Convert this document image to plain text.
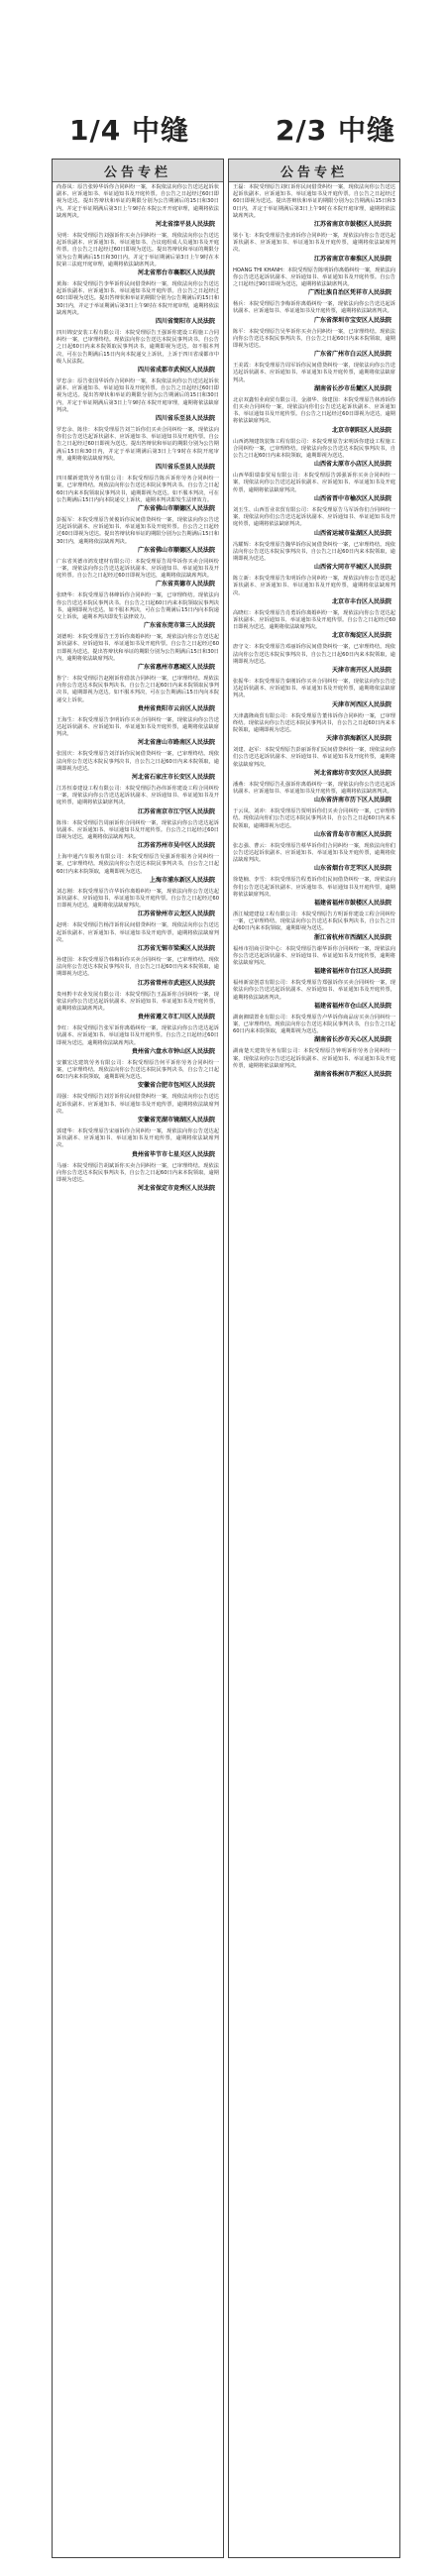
1/4 中缝	2/3 中缝
公告专栏
尚春凤：原告张婷华诉你合同纠纷一案，本院依法向你公告送达起诉状副本、应诉通知书、举证通知书及开庭传票。自公告之日起经过60日即视为送达。提出答辩状和举证的期限分别为公告期满后的15日和30日内。并定于举证期满后第3日上午9时在本院公开开庭审理，逾期将依法缺席判决。
河北省滦平县人民法院
吴明：本院受理原告刘强诉你买卖合同纠纷一案，现依法向你公告送达起诉状副本、应诉通知书、举证通知书、合议庭组成人员通知书及开庭传票。自公告之日起经过60日即视为送达。提出答辩状和举证的期限分别为公告期满后15日和30日内。并定于举证期满后第3日上午9时在本院第三法庭开庭审理，逾期将依法缺席判决。
河北省邢台市襄都区人民法院
黄海：本院受理原告李华诉你民间借贷纠纷一案，现依法向你公告送达起诉状副本、应诉通知书、举证通知书及开庭传票。自公告之日起经过60日即视为送达。提出答辩状和举证的期限分别为公告期满后的15日和30日内，并定于举证期满后第3日上午9时在本院开庭审理，逾期将依法缺席判决。
四川省简阳市人民法院
四川锦安安装工程有限公司：本院受理原告王强诉你建设工程施工合同纠纷一案，已审理终结。现依法向你公告送达本院民事判决书。自公告之日起60日内来本院领取民事判决书，逾期即视为送达。如不服本判决，可在公告期满后15日内向本院递交上诉状，上诉于四川省成都市中级人民法院。
四川省成都市武侯区人民法院
罗忠余：原告张国华诉你合同纠纷一案，本院依法向你公告送达起诉状副本、应诉通知书、举证通知书及开庭传票。自公告之日起经过60日即视为送达。提出答辩状和举证的期限分别为公告期满后的15日和30日内，并定于举证期满后第3日上午9时在本院开庭审理，逾期将依法缺席判决。
四川省乐至县人民法院
罗忠余、陈佳：本院受理原告刘兰诉你们买卖合同纠纷一案，现依法向你们公告送达起诉状副本、应诉通知书、举证通知书及开庭传票。自公告之日起经过60日即视为送达。提出答辩状和举证的期限分别为公告期满后15日和30日内，并定于举证期满后第3日上午9时在本院开庭审理，逾期将依法缺席判决。
四川省乐至县人民法院
四川耀新建筑劳务有限公司：本院受理原告陈兵诉你劳务合同纠纷一案，已审理终结。现依法向你公告送达本院民事判决书。自公告之日起60日内来本院领取民事判决书，逾期即视为送达。如不服本判决，可在公告期满后15日内向本院递交上诉状，逾期本判决即发生法律效力。
广东省佛山市顺德区人民法院
彭振军：本院受理原告黄俊诉你民间借贷纠纷一案，现依法向你公告送达起诉状副本、应诉通知书、举证通知书及开庭传票。自公告之日起经过60日即视为送达。提出答辩状和举证的期限分别为公告期满后15日和30日内，逾期将依法缺席判决。
广东省佛山市顺德区人民法院
广东省英德市鸿发建材有限公司：本院受理原告周华诉你买卖合同纠纷一案，现依法向你公告送达起诉状副本、应诉通知书、举证通知书及开庭传票。自公告之日起经过60日即视为送达，逾期将依法缺席判决。
广东省英德市人民法院
张晓华：本院受理原告林峰诉你合同纠纷一案，已审理终结。现依法向你公告送达本院民事判决书。自公告之日起60日内来本院领取民事判决书，逾期即视为送达。如不服本判决，可在公告期满后15日内向本院递交上诉状，逾期本判决即发生法律效力。
广东省东莞市第三人民法院
刘德明：本院受理原告王芳诉你离婚纠纷一案，现依法向你公告送达起诉状副本、应诉通知书、举证通知书及开庭传票。自公告之日起经过60日即视为送达。提出答辩状和举证的期限分别为公告期满后15日和30日内，逾期将依法缺席判决。
广东省惠州市惠城区人民法院
鲁宁：本院受理原告赵刚诉你借款合同纠纷一案，已审理终结。现依法向你公告送达本院民事判决书。自公告之日起60日内来本院领取民事判决书，逾期即视为送达。如不服本判决，可在公告期满后15日内向本院递交上诉状。
贵州省贵阳市云岩区人民法院
王海生：本院受理原告李明诉你买卖合同纠纷一案，现依法向你公告送达起诉状副本、应诉通知书、举证通知书及开庭传票，逾期将依法缺席判决。
河北省唐山市路南区人民法院
张国庆：本院受理原告刘洋诉你民间借贷纠纷一案，已审理终结。现依法向你公告送达本院民事判决书，自公告之日起60日内来本院领取，逾期即视为送达。
河北省石家庄市长安区人民法院
江苏恒泰建设工程有限公司：本院受理原告孙伟诉你建设工程合同纠纷一案，现依法向你公告送达起诉状副本、应诉通知书、举证通知书及开庭传票，逾期将依法缺席判决。
江苏省南京市江宁区人民法院
陈伟：本院受理原告周丽诉你合同纠纷一案，现依法向你公告送达起诉状副本、应诉通知书、举证通知书及开庭传票。自公告之日起经过60日即视为送达，逾期将依法缺席判决。
江苏省苏州市吴中区人民法院
上海申通汽车服务有限公司：本院受理原告吴强诉你服务合同纠纷一案，已审理终结。现依法向你公告送达本院民事判决书，自公告之日起60日内来本院领取，逾期即视为送达。
上海市浦东新区人民法院
刘志刚：本院受理原告许华诉你离婚纠纷一案，现依法向你公告送达起诉状副本、应诉通知书、举证通知书及开庭传票。自公告之日起经过60日即视为送达，逾期将依法缺席判决。
江苏省徐州市云龙区人民法院
赵明：本院受理原告杨洋诉你民间借贷纠纷一案，现依法向你公告送达起诉状副本、应诉通知书、举证通知书及开庭传票，逾期将依法缺席判决。
江苏省无锡市梁溪区人民法院
孙建国：本院受理原告韩梅诉你买卖合同纠纷一案，已审理终结。现依法向你公告送达本院民事判决书，自公告之日起60日内来本院领取，逾期即视为送达。
江苏省常州市武进区人民法院
贵州黔丰农业发展有限公司：本院受理原告王磊诉你合同纠纷一案，现依法向你公告送达起诉状副本、应诉通知书、举证通知书及开庭传票，逾期将依法缺席判决。
贵州省遵义市汇川区人民法院
李红：本院受理原告张军诉你离婚纠纷一案，现依法向你公告送达起诉状副本、应诉通知书、举证通知书及开庭传票。自公告之日起经过60日即视为送达，逾期将依法缺席判决。
贵州省六盘水市钟山区人民法院
安徽宏达建筑劳务有限公司：本院受理原告何平诉你劳务合同纠纷一案，已审理终结。现依法向你公告送达本院民事判决书，自公告之日起60日内来本院领取，逾期即视为送达。
安徽省合肥市包河区人民法院
周强：本院受理原告刘芳诉你民间借贷纠纷一案，现依法向你公告送达起诉状副本、应诉通知书、举证通知书及开庭传票，逾期将依法缺席判决。
安徽省芜湖市镜湖区人民法院
郭建华：本院受理原告宋丽诉你合同纠纷一案，现依法向你公告送达起诉状副本、应诉通知书、举证通知书及开庭传票，逾期将依法缺席判决。
贵州省毕节市七星关区人民法院
马丽：本院受理原告胡斌诉你买卖合同纠纷一案，已审理终结。现依法向你公告送达本院民事判决书，自公告之日起60日内来本院领取，逾期即视为送达。
河北省保定市竞秀区人民法院
公告专栏
王磊：本院受理原告刘红诉你民间借贷纠纷一案，现依法向你公告送达起诉状副本、应诉通知书、举证通知书及开庭传票。自公告之日起经过60日即视为送达。提出答辩状和举证的期限分别为公告期满后15日和30日内，并定于举证期满后第3日上午9时在本院开庭审理，逾期将依法缺席判决。
江苏省南京市鼓楼区人民法院
梁小飞：本院受理原告张涛诉你合同纠纷一案，现依法向你公告送达起诉状副本、应诉通知书、举证通知书及开庭传票，逾期将依法缺席判决。
江苏省南京市秦淮区人民法院
HOANG THI KHANH：本院受理原告陈明诉你离婚纠纷一案，现依法向你公告送达起诉状副本、应诉通知书、举证通知书及开庭传票。自公告之日起经过90日即视为送达，逾期将依法缺席判决。
广西壮族自治区凭祥市人民法院
杨兵：本院受理原告李梅诉你离婚纠纷一案，现依法向你公告送达起诉状副本、应诉通知书、举证通知书及开庭传票，逾期将依法缺席判决。
广东省深圳市宝安区人民法院
陈平：本院受理原告吴华诉你买卖合同纠纷一案，已审理终结。现依法向你公告送达本院民事判决书，自公告之日起60日内来本院领取，逾期即视为送达。
广东省广州市白云区人民法院
王美霞：本院受理原告周军诉你民间借贷纠纷一案，现依法向你公告送达起诉状副本、应诉通知书、举证通知书及开庭传票，逾期将依法缺席判决。
湖南省长沙市岳麓区人民法院
北京双鑫恒业商贸有限公司、金淑华、徐建国：本院受理原告林涛诉你们买卖合同纠纷一案，现依法向你们公告送达起诉状副本、应诉通知书、举证通知书及开庭传票。自公告之日起经过60日即视为送达，逾期将依法缺席判决。
北京市朝阳区人民法院
山西鸿翔建筑装饰工程有限公司：本院受理原告宋明诉你建设工程施工合同纠纷一案，已审理终结。现依法向你公告送达本院民事判决书，自公告之日起60日内来本院领取，逾期即视为送达。
山西省太原市小店区人民法院
山西华阳瑞泰贸易有限公司：本院受理原告郭强诉你买卖合同纠纷一案，现依法向你公告送达起诉状副本、应诉通知书、举证通知书及开庭传票，逾期将依法缺席判决。
山西省晋中市榆次区人民法院
刘玉生、山西晋业农贸有限公司：本院受理原告马军诉你们合同纠纷一案，现依法向你们公告送达起诉状副本、应诉通知书、举证通知书及开庭传票，逾期将依法缺席判决。
山西省运城市盐湖区人民法院
冯耀辉：本院受理原告魏华诉你民间借贷纠纷一案，已审理终结。现依法向你公告送达本院民事判决书，自公告之日起60日内来本院领取，逾期即视为送达。
山西省大同市平城区人民法院
陈立新：本院受理原告朱明诉你合同纠纷一案，现依法向你公告送达起诉状副本、应诉通知书、举证通知书及开庭传票，逾期将依法缺席判决。
北京市丰台区人民法院
高晓红：本院受理原告肖勇诉你离婚纠纷一案，现依法向你公告送达起诉状副本、应诉通知书、举证通知书及开庭传票。自公告之日起经过60日即视为送达，逾期将依法缺席判决。
北京市海淀区人民法院
唐守文：本院受理原告邓丽诉你民间借贷纠纷一案，已审理终结。现依法向你公告送达本院民事判决书，自公告之日起60日内来本院领取，逾期即视为送达。
天津市南开区人民法院
张振华：本院受理原告秦刚诉你买卖合同纠纷一案，现依法向你公告送达起诉状副本、应诉通知书、举证通知书及开庭传票，逾期将依法缺席判决。
天津市河西区人民法院
天津鑫隆商贸有限公司：本院受理原告董伟诉你合同纠纷一案，已审理终结。现依法向你公告送达本院民事判决书，自公告之日起60日内来本院领取，逾期即视为送达。
天津市滨海新区人民法院
刘建、赵军：本院受理原告彭丽诉你们民间借贷纠纷一案，现依法向你们公告送达起诉状副本、应诉通知书、举证通知书及开庭传票，逾期将依法缺席判决。
河北省廊坊市安次区人民法院
潘燕：本院受理原告孔强诉你离婚纠纷一案，现依法向你公告送达起诉状副本、应诉通知书、举证通知书及开庭传票，逾期将依法缺席判决。
山东省济南市历下区人民法院
于云凤、刘冲：本院受理原告贾明诉你们买卖合同纠纷一案，已审理终结。现依法向你们公告送达本院民事判决书，自公告之日起60日内来本院领取，逾期即视为送达。
山东省青岛市市南区人民法院
张志强、曹云：本院受理原告蔡华诉你们合同纠纷一案，现依法向你们公告送达起诉状副本、应诉通知书、举证通知书及开庭传票，逾期将依法缺席判决。
山东省烟台市芝罘区人民法院
徐楚楠、李雪：本院受理原告程勇诉你们民间借贷纠纷一案，现依法向你们公告送达起诉状副本、应诉通知书、举证通知书及开庭传票，逾期将依法缺席判决。
福建省福州市鼓楼区人民法院
浙江城建建设工程有限公司：本院受理原告方明诉你建设工程合同纠纷一案，已审理终结。现依法向你公告送达本院民事判决书，自公告之日起60日内来本院领取，逾期即视为送达。
浙江省杭州市西湖区人民法院
福州市招商引资中心：本院受理原告谢华诉你合同纠纷一案，现依法向你公告送达起诉状副本、应诉通知书、举证通知书及开庭传票，逾期将依法缺席判决。
福建省福州市台江区人民法院
福州新富创意有限公司：本院受理原告郑强诉你买卖合同纠纷一案，现依法向你公告送达起诉状副本、应诉通知书、举证通知书及开庭传票，逾期将依法缺席判决。
福建省福州市仓山区人民法院
湖南湘瑞置业有限公司：本院受理原告卢华诉你商品房买卖合同纠纷一案，已审理终结。现依法向你公告送达本院民事判决书，自公告之日起60日内来本院领取，逾期即视为送达。
湖南省长沙市天心区人民法院
湖南楚天建筑劳务有限公司：本院受理原告钟明诉你劳务合同纠纷一案，现依法向你公告送达起诉状副本、应诉通知书、举证通知书及开庭传票，逾期将依法缺席判决。
湖南省株洲市芦淞区人民法院
